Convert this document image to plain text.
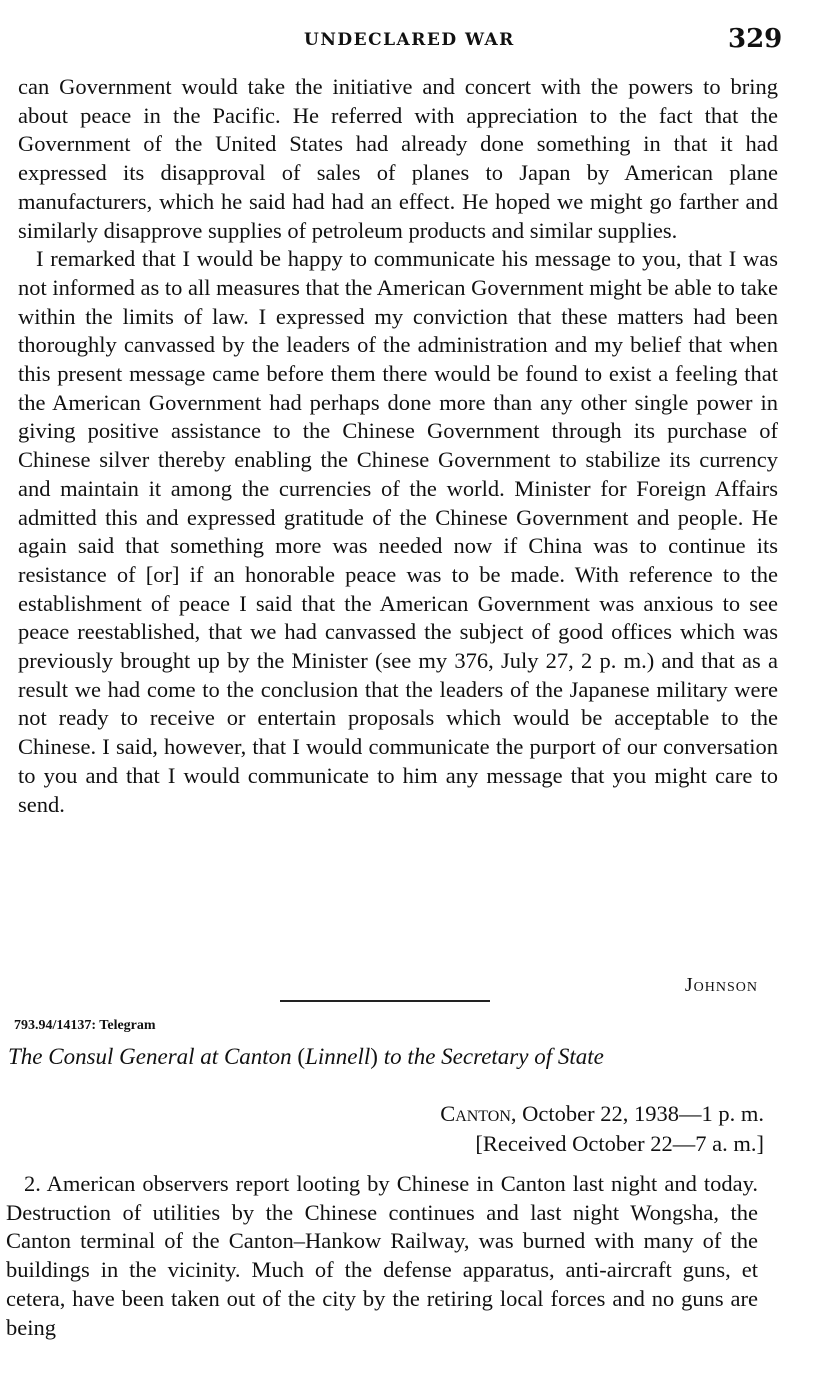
UNDECLARED WAR	329

can Government would take the initiative and concert with the powers to bring about peace in the Pacific. He referred with appreciation to the fact that the Government of the United States had already done something in that it had expressed its disapproval of sales of planes to Japan by American plane manufacturers, which he said had had an effect. He hoped we might go farther and similarly disapprove supplies of petroleum products and similar supplies.

I remarked that I would be happy to communicate his message to you, that I was not informed as to all measures that the American Government might be able to take within the limits of law. I expressed my conviction that these matters had been thoroughly canvassed by the leaders of the administration and my belief that when this present message came before them there would be found to exist a feeling that the American Government had perhaps done more than any other single power in giving positive assistance to the Chinese Government through its purchase of Chinese silver thereby enabling the Chinese Government to stabilize its currency and maintain it among the currencies of the world. Minister for Foreign Affairs admitted this and expressed gratitude of the Chinese Government and people. He again said that something more was needed now if China was to continue its resistance of [or] if an honorable peace was to be made. With reference to the establishment of peace I said that the American Government was anxious to see peace reestablished, that we had canvassed the subject of good offices which was previously brought up by the Minister (see my 376, July 27, 2 p. m.) and that as a result we had come to the conclusion that the leaders of the Japanese military were not ready to receive or entertain proposals which would be acceptable to the Chinese. I said, however, that I would communicate the purport of our conversation to you and that I would communicate to him any message that you might care to send.

Johnson
793.94/14137: Telegram
The Consul General at Canton (Linnell) to the Secretary of State
Canton, October 22, 1938—1 p. m.
[Received October 22—7 a. m.]

2. American observers report looting by Chinese in Canton last night and today. Destruction of utilities by the Chinese continues and last night Wongsha, the Canton terminal of the Canton–Hankow Railway, was burned with many of the buildings in the vicinity. Much of the defense apparatus, anti-aircraft guns, et cetera, have been taken out of the city by the retiring local forces and no guns are being
